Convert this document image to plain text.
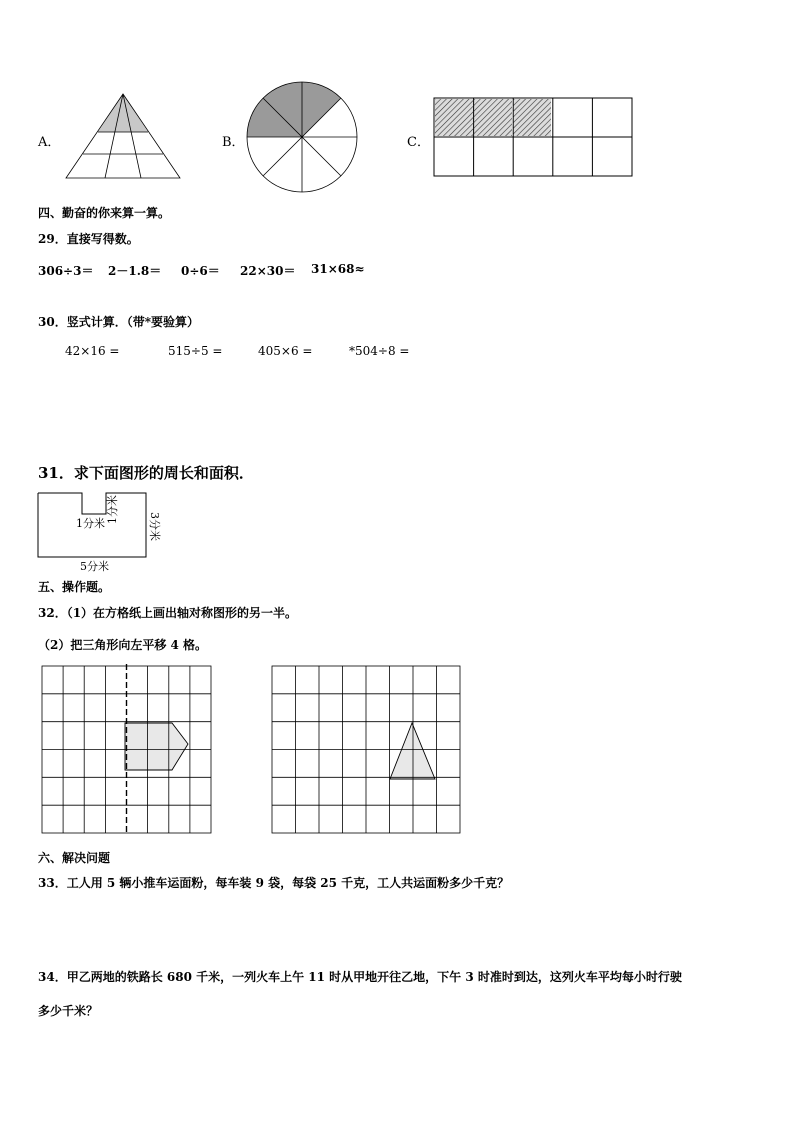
A．	B．	C．
四、勤奋的你来算一算。
29．直接写得数。
306÷3＝ 2－1.8＝ 0÷6＝ 22×30＝ 31×68≈
30．竖式计算．（带*要验算）
42×16 =	515÷5 =	405×6 =	*504÷8 =
31．求下面图形的周长和面积．
1分米 1分米
3分米
5分米
五、操作题。
32．（1）在方格纸上画出轴对称图形的另一半。
（2）把三角形向左平移 4 格。
六、解决问题
33．工人用 5 辆小推车运面粉，每车装 9 袋，每袋 25 千克，工人共运面粉多少千克？
34．甲乙两地的铁路长 680 千米，一列火车上午 11 时从甲地开往乙地，下午 3 时准时到达，这列火车平均每小时行驶
多少千米？
